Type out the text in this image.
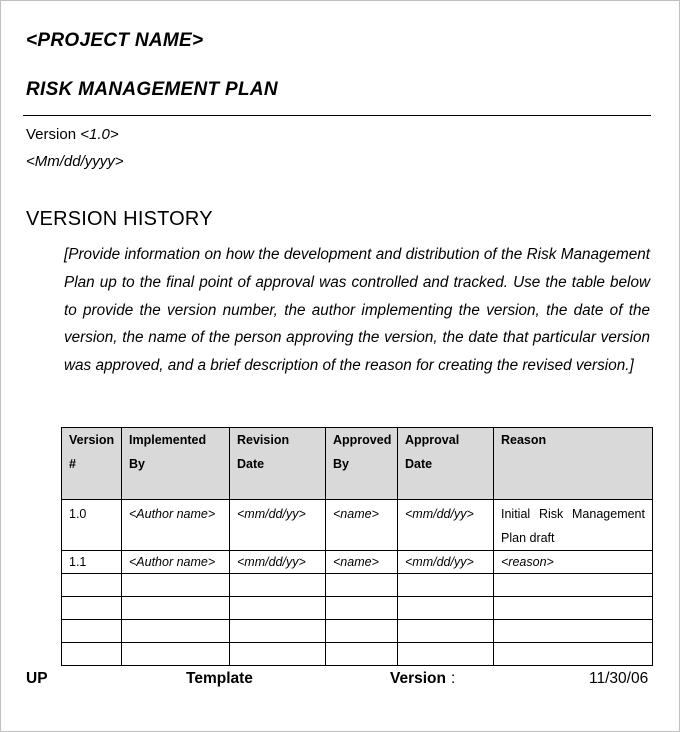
<PROJECT NAME>
RISK MANAGEMENT PLAN
Version <1.0>
<Mm/dd/yyyy>
VERSION HISTORY
[Provide information on how the development and distribution of the Risk Management Plan up to the final point of approval was controlled and tracked. Use the table below to provide the version number, the author implementing the version, the date of the version, the name of the person approving the version, the date that particular version was approved, and a brief description of the reason for creating the revised version.]
Version #	Implemented By	Revision Date	Approved By	Approval Date	Reason
1.0	<Author name>	<mm/dd/yy>	<name>	<mm/dd/yy>	Initial Risk Management Plan draft
1.1	<Author name>	<mm/dd/yy>	<name>	<mm/dd/yy>	<reason>

UP	Template	Version :	11/30/06
